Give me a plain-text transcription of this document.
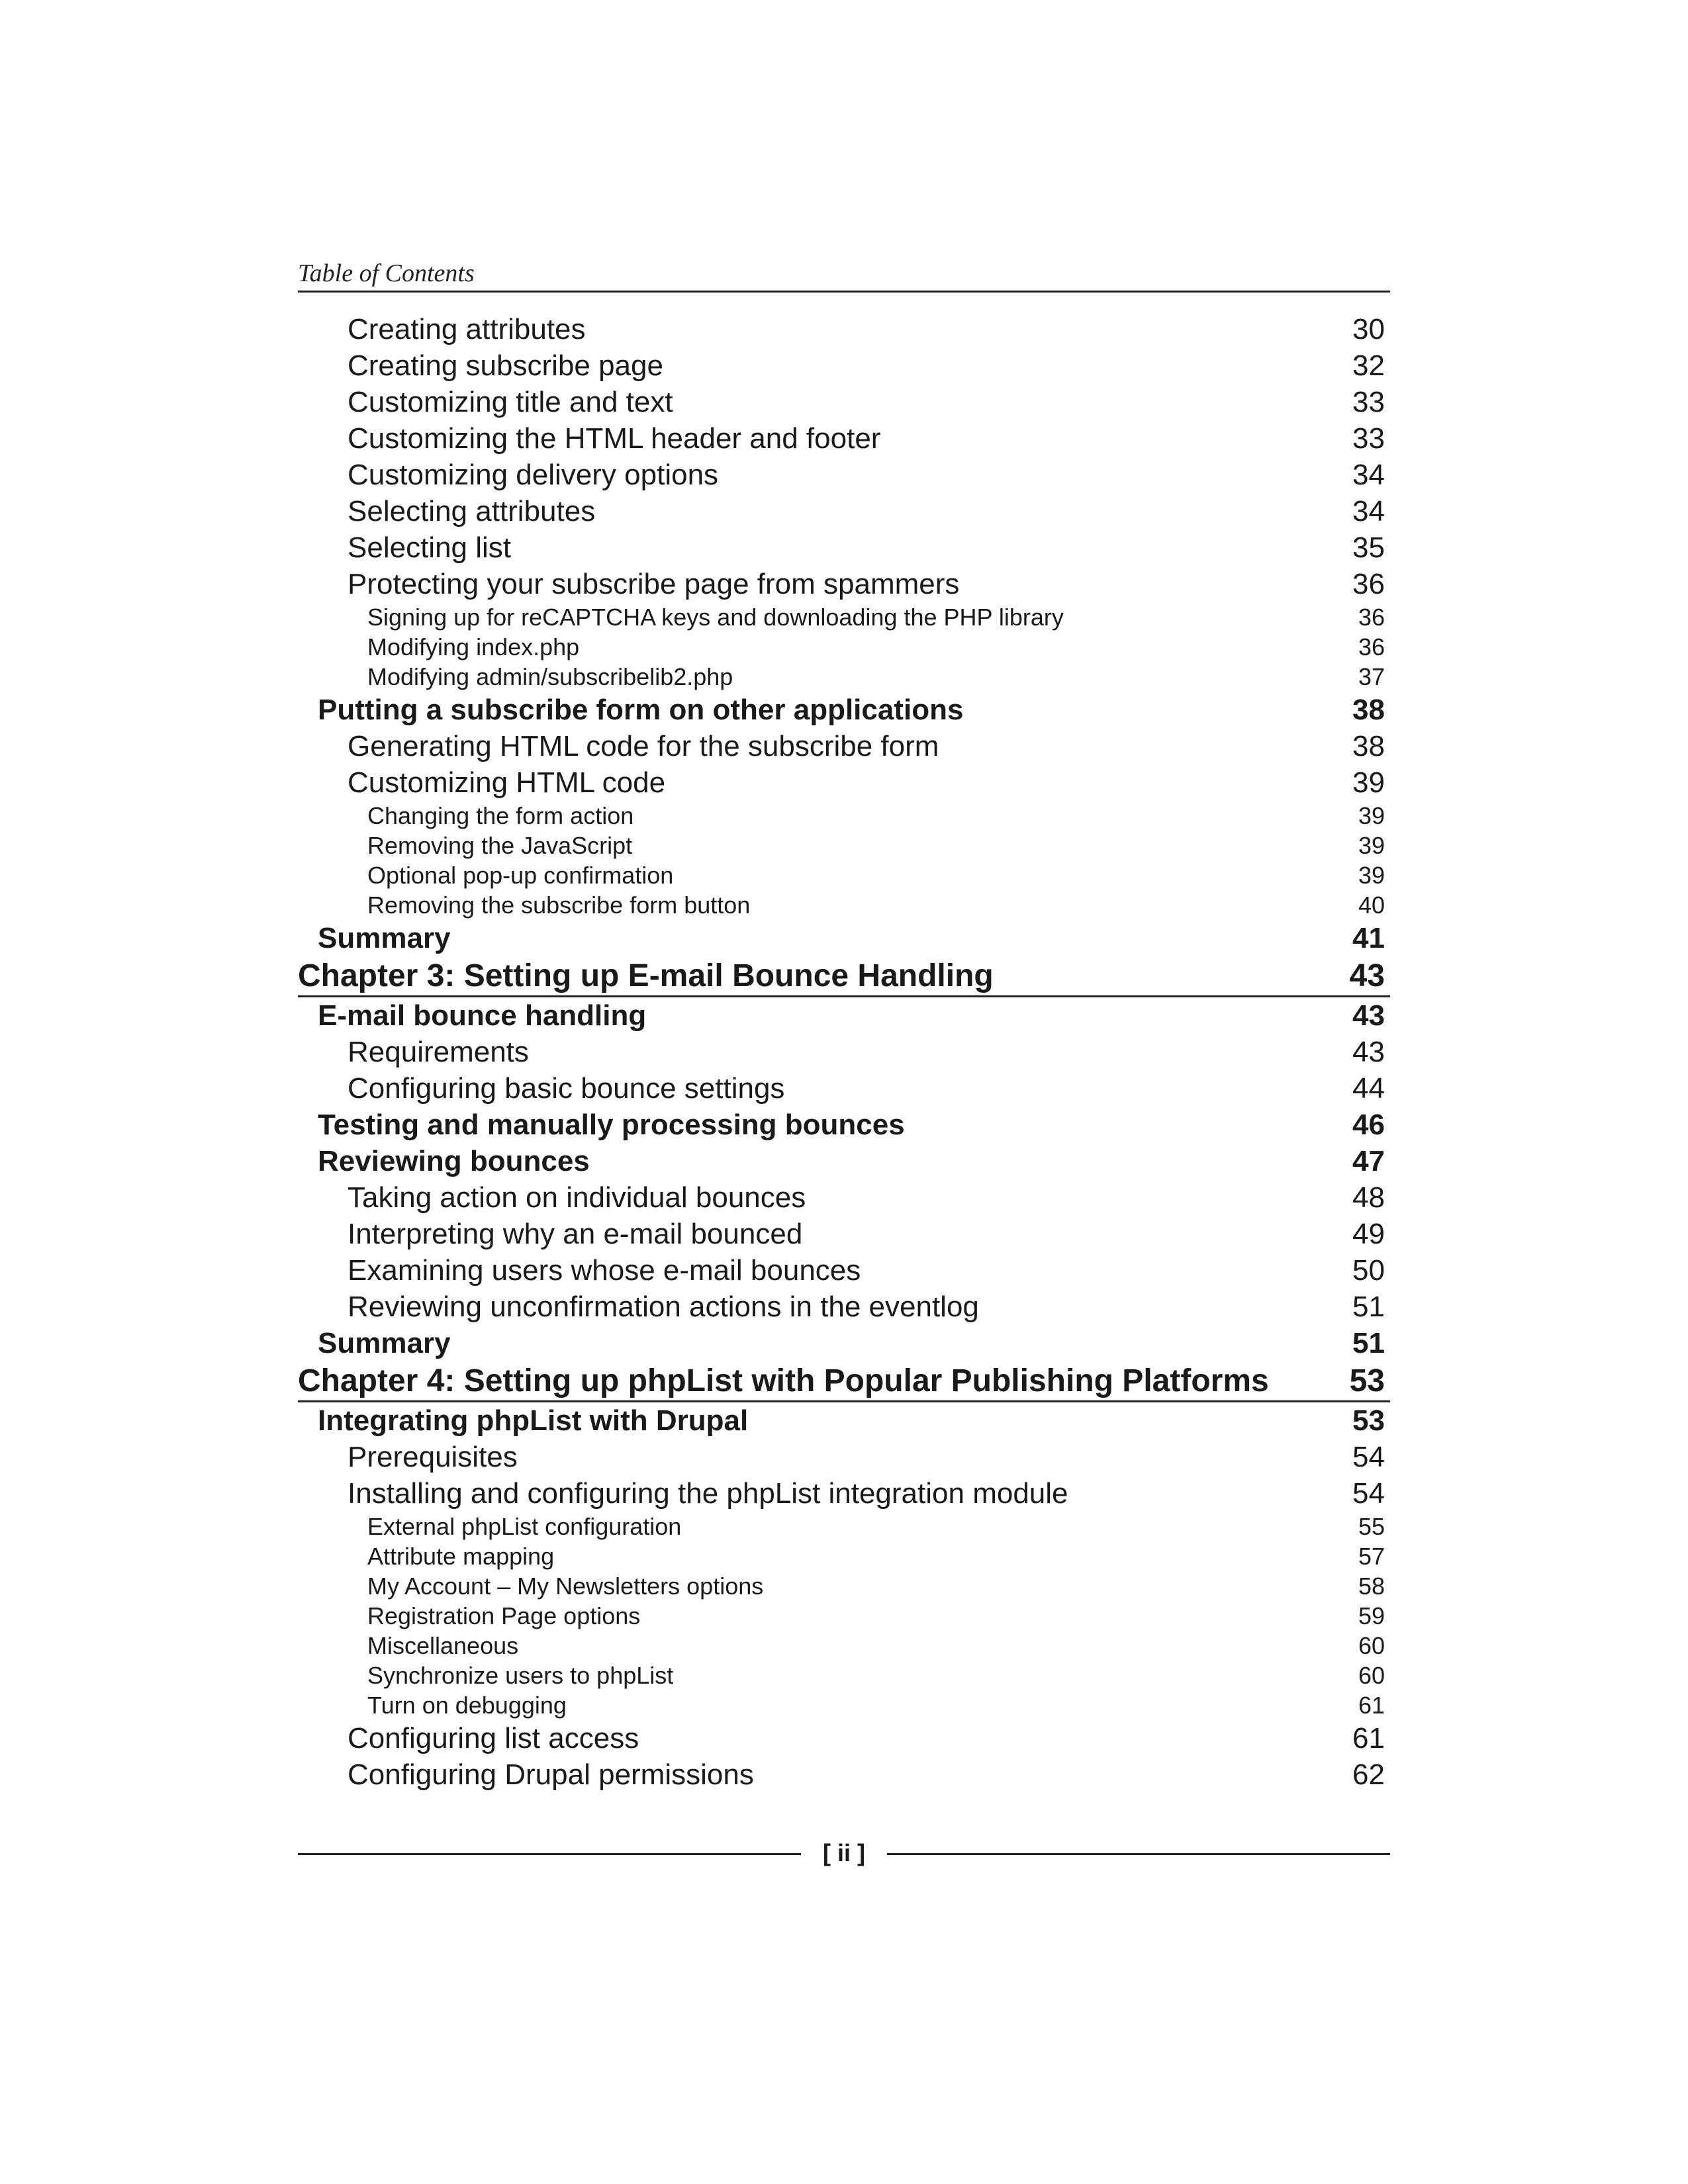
Table of Contents
Creating attributes	30
Creating subscribe page	32
Customizing title and text	33
Customizing the HTML header and footer	33
Customizing delivery options	34
Selecting attributes	34
Selecting list	35
Protecting your subscribe page from spammers	36
Signing up for reCAPTCHA keys and downloading the PHP library	36
Modifying index.php	36
Modifying admin/subscribelib2.php	37
Putting a subscribe form on other applications	38
Generating HTML code for the subscribe form	38
Customizing HTML code	39
Changing the form action	39
Removing the JavaScript	39
Optional pop-up confirmation	39
Removing the subscribe form button	40
Summary	41
Chapter 3: Setting up E-mail Bounce Handling	43
E-mail bounce handling	43
Requirements	43
Configuring basic bounce settings	44
Testing and manually processing bounces	46
Reviewing bounces	47
Taking action on individual bounces	48
Interpreting why an e-mail bounced	49
Examining users whose e-mail bounces	50
Reviewing unconfirmation actions in the eventlog	51
Summary	51
Chapter 4: Setting up phpList with Popular Publishing Platforms	53
Integrating phpList with Drupal	53
Prerequisites	54
Installing and configuring the phpList integration module	54
External phpList configuration	55
Attribute mapping	57
My Account – My Newsletters options	58
Registration Page options	59
Miscellaneous	60
Synchronize users to phpList	60
Turn on debugging	61
Configuring list access	61
Configuring Drupal permissions	62
[ ii ]
